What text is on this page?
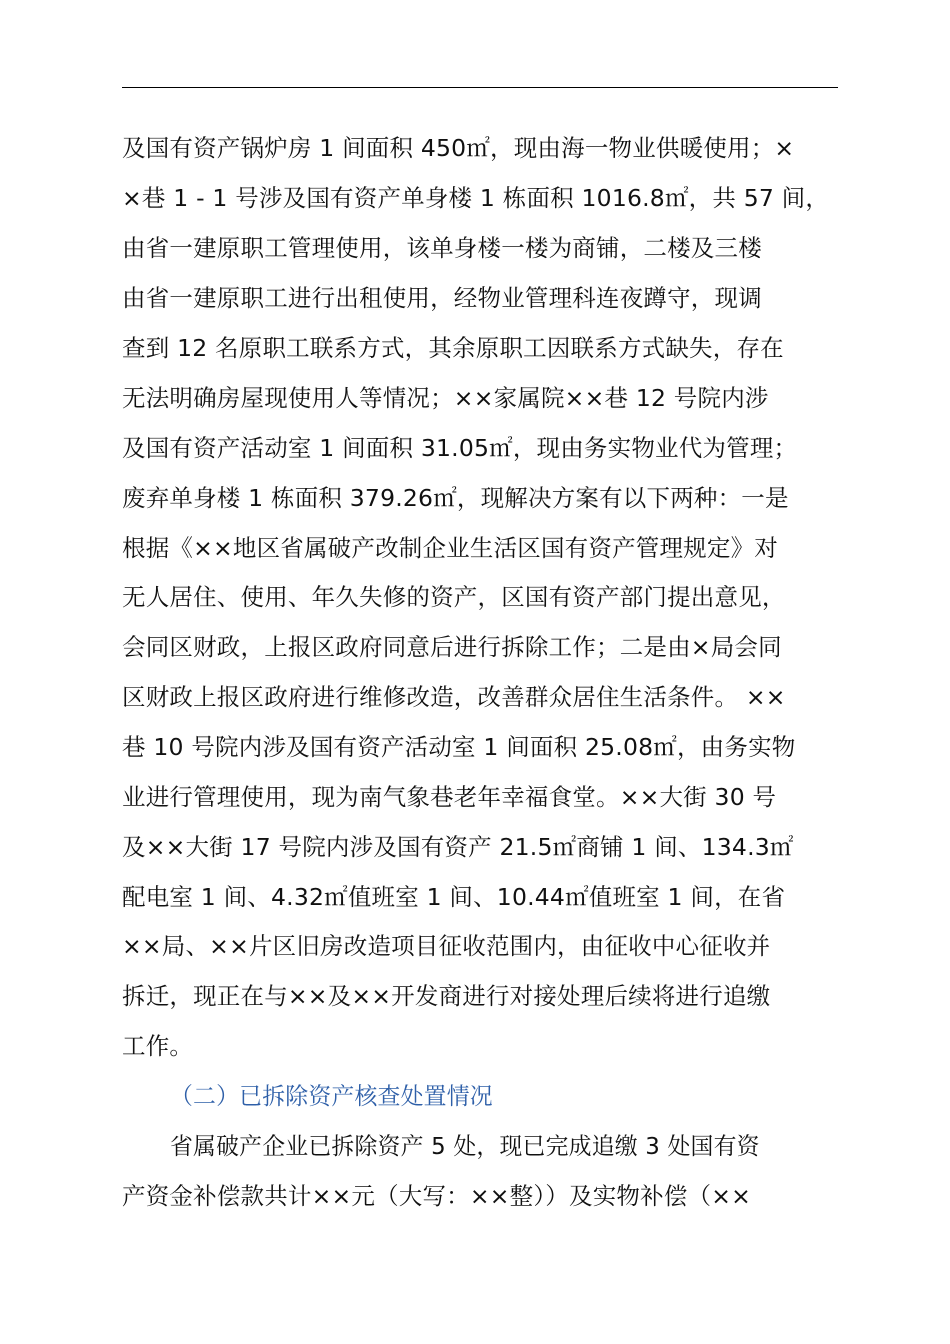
及国有资产锅炉房 1 间面积 450㎡，现由海一物业供暖使用；×
×巷 1 - 1 号涉及国有资产单身楼 1 栋面积 1016.8㎡，共 57 间，
由省一建原职工管理使用，该单身楼一楼为商铺，二楼及三楼
由省一建原职工进行出租使用，经物业管理科连夜蹲守，现调
查到 12 名原职工联系方式，其余原职工因联系方式缺失，存在
无法明确房屋现使用人等情况；××家属院××巷 12 号院内涉
及国有资产活动室 1 间面积 31.05㎡，现由务实物业代为管理；
废弃单身楼 1 栋面积 379.26㎡，现解决方案有以下两种：一是
根据《××地区省属破产改制企业生活区国有资产管理规定》对
无人居住、使用、年久失修的资产，区国有资产部门提出意见，
会同区财政，上报区政府同意后进行拆除工作；二是由×局会同
区财政上报区政府进行维修改造，改善群众居住生活条件。 ××
巷 10 号院内涉及国有资产活动室 1 间面积 25.08㎡，由务实物
业进行管理使用，现为南气象巷老年幸福食堂。××大街 30 号
及××大街 17 号院内涉及国有资产 21.5㎡商铺 1 间、134.3㎡
配电室 1 间、4.32㎡值班室 1 间、10.44㎡值班室 1 间，在省
××局、××片区旧房改造项目征收范围内，由征收中心征收并
拆迁，现正在与××及××开发商进行对接处理后续将进行追缴
工作。
（二）已拆除资产核查处置情况
省属破产企业已拆除资产 5 处，现已完成追缴 3 处国有资
产资金补偿款共计××元（大写：××整））及实物补偿（××
